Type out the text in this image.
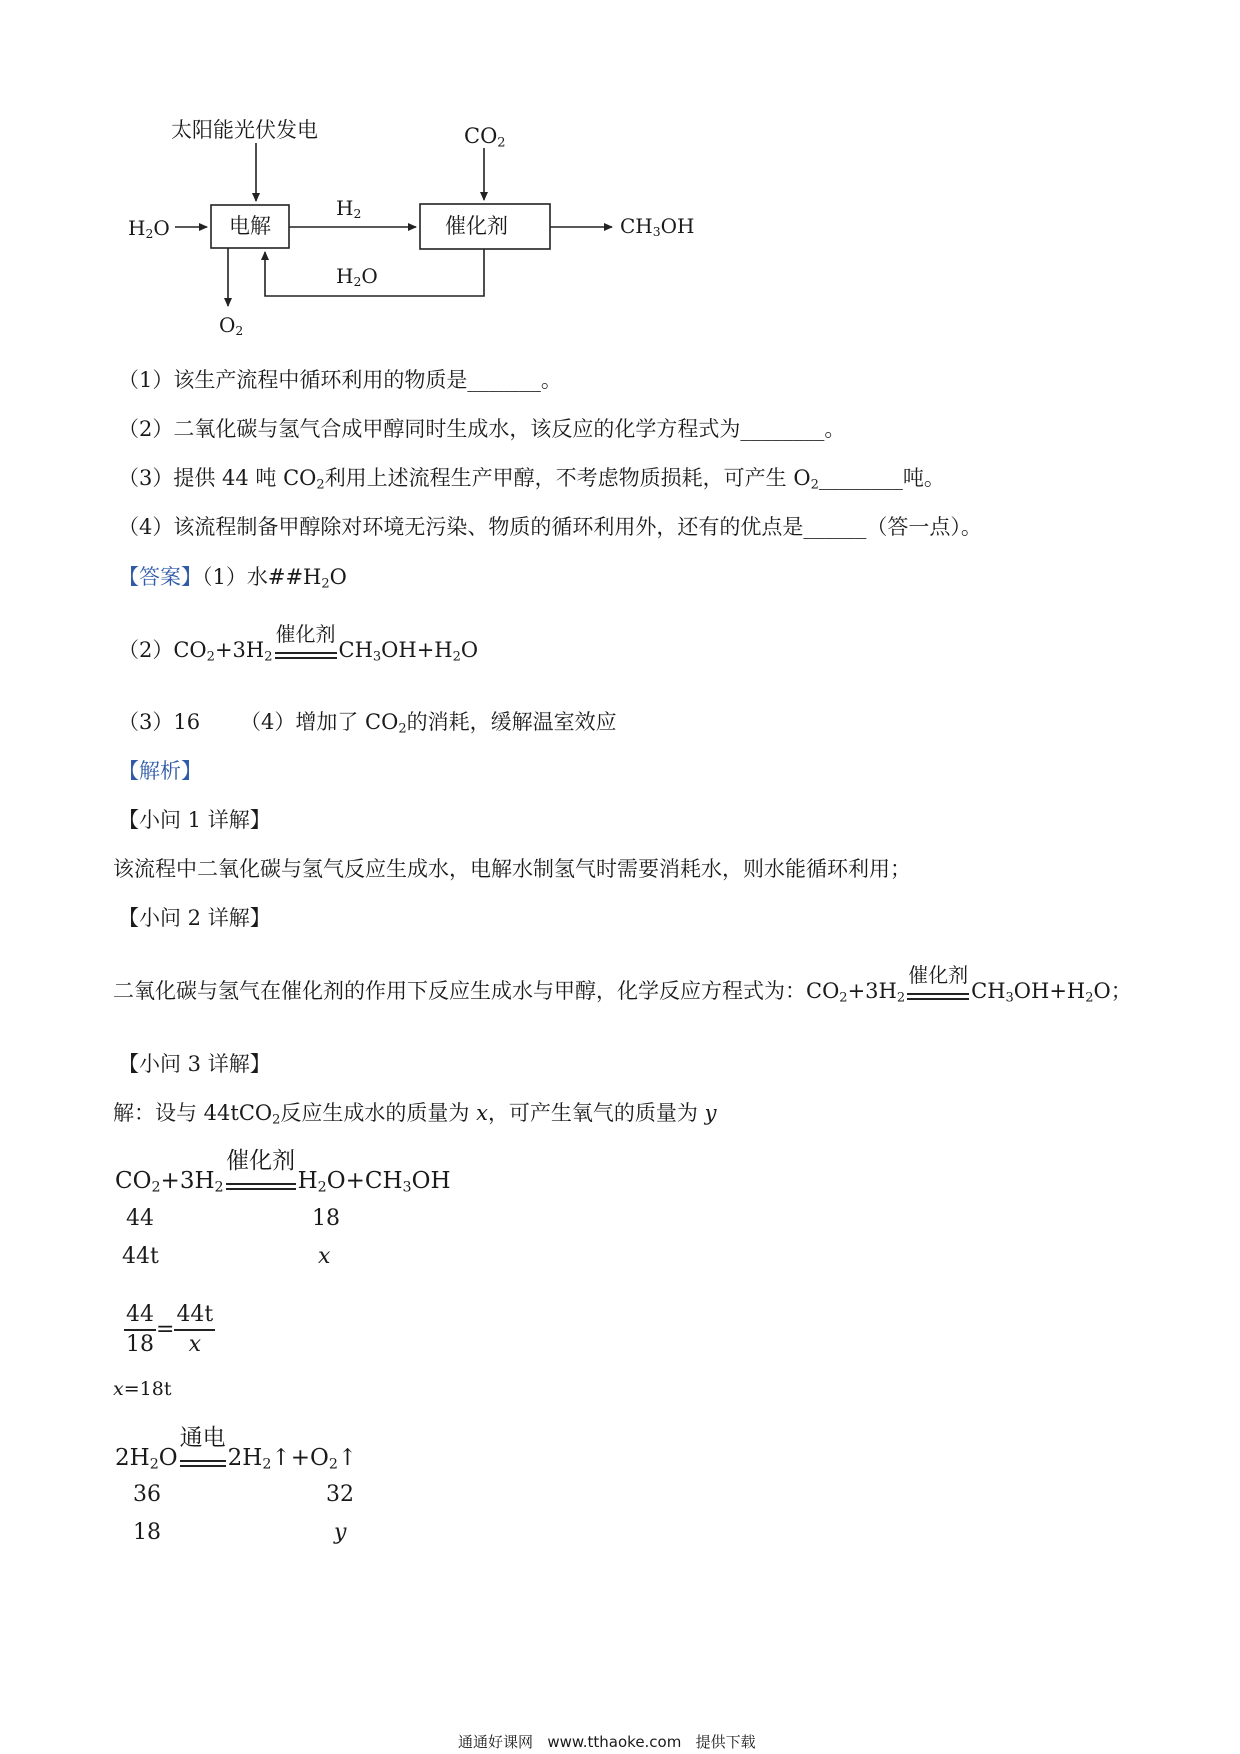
太阳能光伏发电	$CO_2$
$H_2O$	电解	催化剂
$H_2$
$H_2O$
$O_2$
$CH_3OH$
（1）该生产流程中循环利用的物质是_______。
（2）二氧化碳与氢气合成甲醇同时生成水，该反应的化学方程式为________。
（3）提供 44 吨 $CO_2$利用上述流程生产甲醇，不考虑物质损耗，可产生 $O_2\_\_\_\_\_\_\_\_$吨。
（4）该流程制备甲醇除对环境无污染、物质的循环利用外，还有的优点是______（答一点）。
【答案】（1）水$\#\#H_2O$
$(2)CO_2+3H_2$
催化剂
$CH_3OH+H_2O$
（3）16 （4）增加了 $CO_2$的消耗，缓解温室效应
【解析】
【小问 1 详解】
该流程中二氧化碳与氢气反应生成水，电解水制氢气时需要消耗水，则水能循环利用；
【小问 2 详解】
二氧化碳与氢气在催化剂的作用下反应生成水与甲醇，化学反应方程式为：$CO_2+3H_2$
催化剂
$CH_3OH+H_2O$；
【小问 3 详解】
解：设与 44tCO$_2$反应生成水的质量为 x，可产生氧气的质量为 y
$CO_2+3H_2$
催化剂
$H_2O+CH_3OH$
44	18
44t	x
$\frac{44}{18} = \frac{44t}{x}$
x=18t
$2H_2O$
通电
$2H_2↑+O_2↑$
36	32
18	y
通通好课网 www.tthaoke.com 提供下载
